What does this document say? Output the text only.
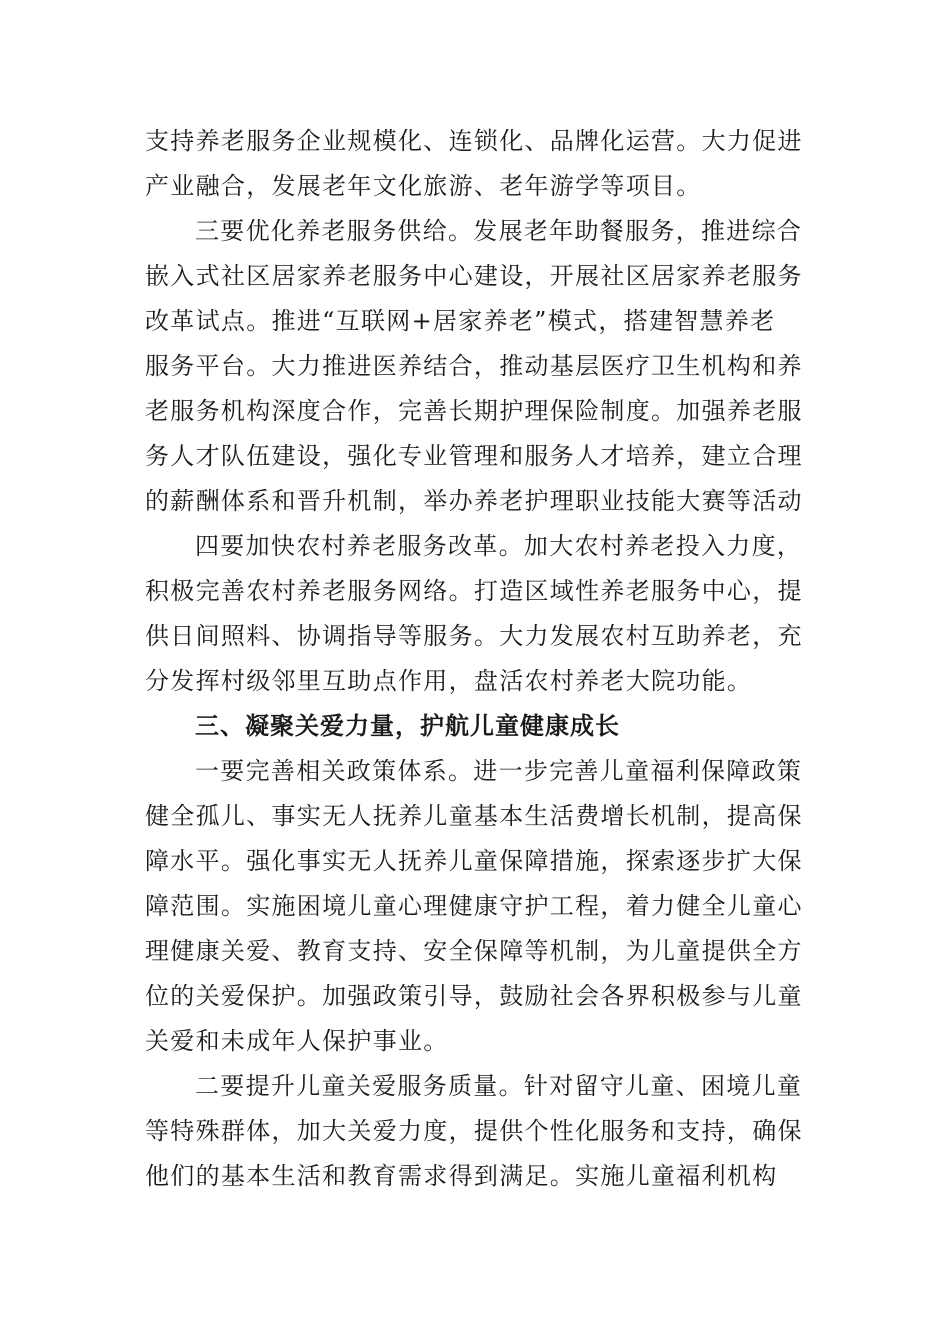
支持养老服务企业规模化、连锁化、品牌化运营。大力促进
产业融合，发展老年文化旅游、老年游学等项目。
三要优化养老服务供给。发展老年助餐服务，推进综合
嵌入式社区居家养老服务中心建设，开展社区居家养老服务
改革试点。推进“互联网+居家养老”模式，搭建智慧养老
服务平台。大力推进医养结合，推动基层医疗卫生机构和养
老服务机构深度合作，完善长期护理保险制度。加强养老服
务人才队伍建设，强化专业管理和服务人才培养，建立合理
的薪酬体系和晋升机制，举办养老护理职业技能大赛等活动
四要加快农村养老服务改革。加大农村养老投入力度，
积极完善农村养老服务网络。打造区域性养老服务中心，提
供日间照料、协调指导等服务。大力发展农村互助养老，充
分发挥村级邻里互助点作用，盘活农村养老大院功能。
三、凝聚关爱力量，护航儿童健康成长
一要完善相关政策体系。进一步完善儿童福利保障政策
健全孤儿、事实无人抚养儿童基本生活费增长机制，提高保
障水平。强化事实无人抚养儿童保障措施，探索逐步扩大保
障范围。实施困境儿童心理健康守护工程，着力健全儿童心
理健康关爱、教育支持、安全保障等机制，为儿童提供全方
位的关爱保护。加强政策引导，鼓励社会各界积极参与儿童
关爱和未成年人保护事业。
二要提升儿童关爱服务质量。针对留守儿童、困境儿童
等特殊群体，加大关爱力度，提供个性化服务和支持，确保
他们的基本生活和教育需求得到满足。实施儿童福利机构
